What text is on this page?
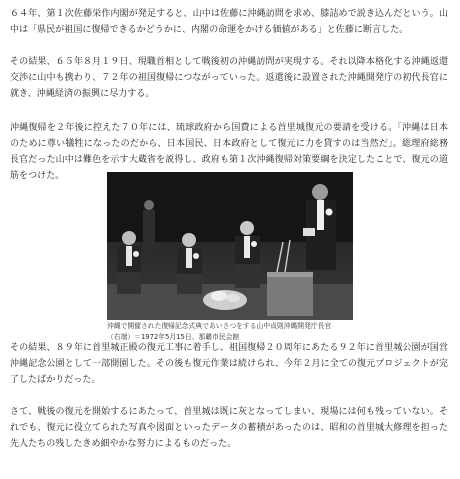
６４年、第１次佐藤栄作内閣が発足すると、山中は佐藤に沖縄訪問を求め、膝詰めで説き込んだという。山中は「県民が祖国に復帰できるかどうかに、内閣の命運をかける価値がある」と佐藤に断言した。

その結果、６５年８月１９日、現職首相として戦後初の沖縄訪問が実現する。それ以降本格化する沖縄返還交渉に山中も携わり、７２年の祖国復帰につながっていった。返還後に設置された沖縄開発庁の初代長官に就き、沖縄経済の振興に尽力する。

沖縄復帰を２年後に控えた７０年には、琉球政府から国費による首里城復元の要請を受ける。「沖縄は日本のために尊い犠牲になったのだから、日本国民、日本政府として復元に力を貸すのは当然だ」。総理府総務長官だった山中は難色を示す大蔵省を説得し、政府も第１次沖縄復帰対策要綱を決定したことで、復元の道筋をつけた。

沖縄で開催された復帰記念式典であいさつをする山中貞則沖縄開発庁長官
（右端）＝1972年5月15日、那覇市民会館

その結果、８９年に首里城正殿の復元工事に着手し、祖国復帰２０周年にあたる９２年に首里城公園が国営沖縄記念公園として一部開園した。その後も復元作業は続けられ、今年２月に全ての復元プロジェクトが完了したばかりだった。

さて、戦後の復元を開始するにあたって、首里城は既に灰となってしまい、現場には何も残っていない。それでも、復元に役立てられた写真や図面といったデータの蓄積があったのは、昭和の首里城大修理を担った先人たちの残したきめ細やかな努力によるものだった。
